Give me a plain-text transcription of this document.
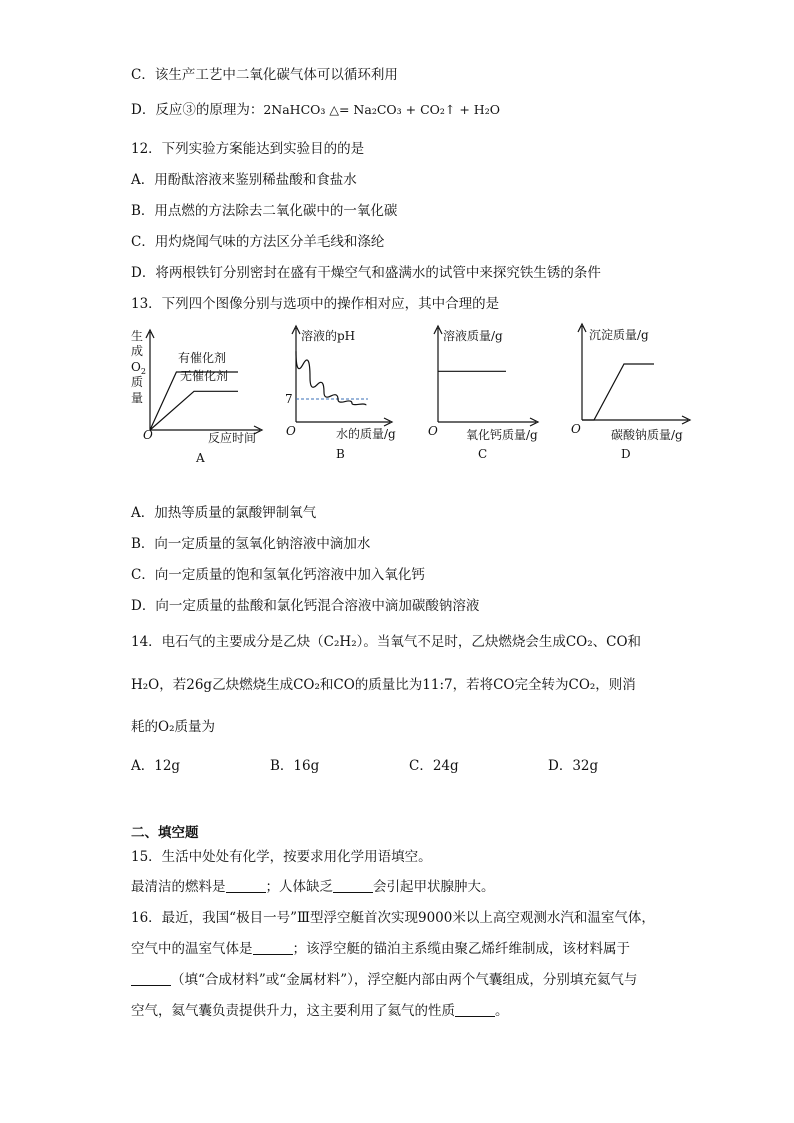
C．该生产工艺中二氧化碳气体可以循环利用
D．反应③的原理为：2NaHCO₃ △= Na₂CO₃ + CO₂↑ + H₂O
12．下列实验方案能达到实验目的的是
A．用酚酞溶液来鉴别稀盐酸和食盐水
B．用点燃的方法除去二氧化碳中的一氧化碳
C．用灼烧闻气味的方法区分羊毛线和涤纶
D．将两根铁钉分别密封在盛有干燥空气和盛满水的试管中来探究铁生锈的条件
13．下列四个图像分别与选项中的操作相对应，其中合理的是
生
成
$O_2$
质
量
O	反应时间
有催化剂
无催化剂
A
溶液的pH
7
O	水的质量/g
B
溶液质量/g
O 氧化钙质量/g
C
沉淀质量/g
O	碳酸钠质量/g
D
A．加热等质量的氯酸钾制氧气
B．向一定质量的氢氧化钠溶液中滴加水
C．向一定质量的饱和氢氧化钙溶液中加入氧化钙
D．向一定质量的盐酸和氯化钙混合溶液中滴加碳酸钠溶液
14．电石气的主要成分是乙炔（C₂H₂）。当氧气不足时，乙炔燃烧会生成CO₂、CO和
H₂O，若26g乙炔燃烧生成CO₂和CO的质量比为11:7，若将CO完全转为CO₂，则消
耗的O₂质量为
A．12g	B．16g	C．24g	D．32g
二、填空题
15．生活中处处有化学，按要求用化学用语填空。
最清洁的燃料是	；人体缺乏	会引起甲状腺肿大。
16．最近，我国“极目一号”Ⅲ型浮空艇首次实现9000米以上高空观测水汽和温室气体，
空气中的温室气体是	；该浮空艇的锚泊主系缆由聚乙烯纤维制成，该材料属于
（填“合成材料”或“金属材料”），浮空艇内部由两个气囊组成，分别填充氦气与
空气，氦气囊负责提供升力，这主要利用了氦气的性质	。
